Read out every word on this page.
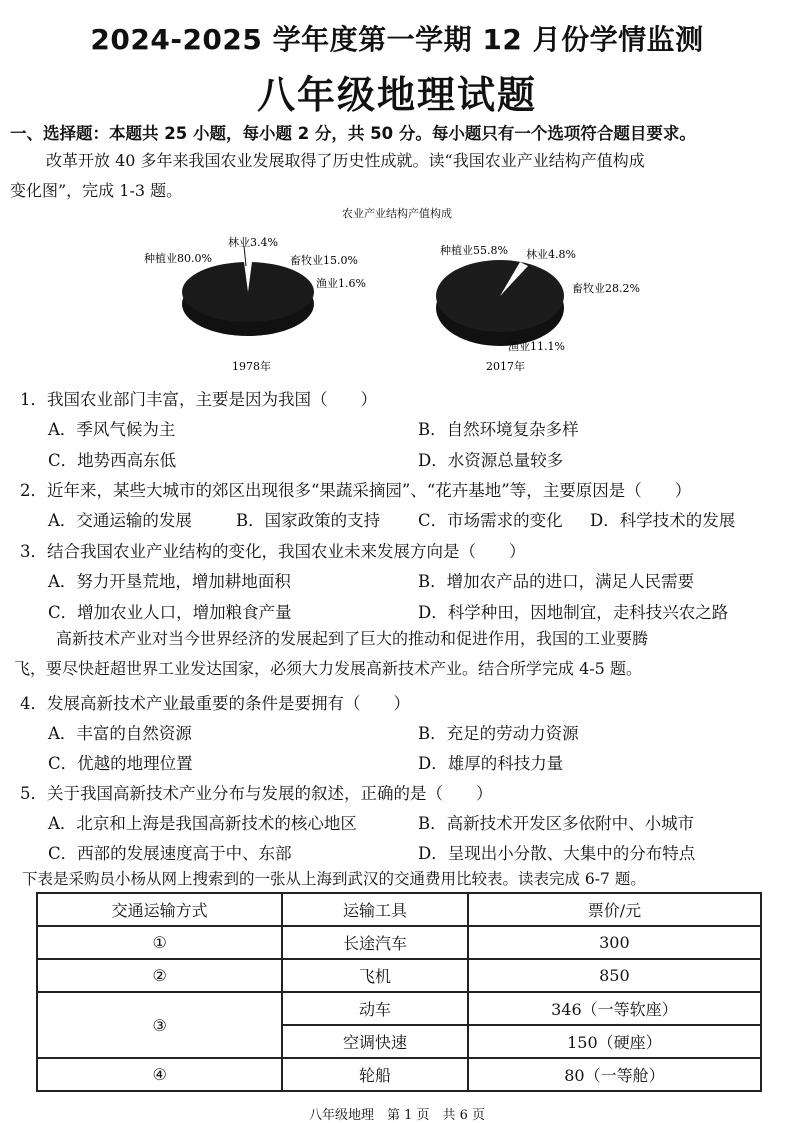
2024-2025 学年度第一学期 12 月份学情监测
八年级地理试题
一、选择题：本题共 25 小题，每小题 2 分，共 50 分。每小题只有一个选项符合题目要求。
改革开放 40 多年来我国农业发展取得了历史性成就。读“我国农业产业结构产值构成
变化图”，完成 1-3 题。
农业产业结构产值构成
种植业80.0%
林业3.4%
畜牧业15.0%
渔业1.6%
1978年
种植业55.8% 林业4.8%
畜牧业28.2%
渔业11.1%
2017年
1．我国农业部门丰富，主要是因为我国（　　）
A．季风气候为主	B．自然环境复杂多样
C．地势西高东低	D．水资源总量较多
2．近年来，某些大城市的郊区出现很多“果蔬采摘园”、“花卉基地”等，主要原因是（　　）
A．交通运输的发展	B．国家政策的支持 C．市场需求的变化 D．科学技术的发展
3．结合我国农业产业结构的变化，我国农业未来发展方向是（　　）
A．努力开垦荒地，增加耕地面积	B．增加农产品的进口，满足人民需要
C．增加农业人口，增加粮食产量	D．科学种田，因地制宜，走科技兴农之路
高新技术产业对当今世界经济的发展起到了巨大的推动和促进作用，我国的工业要腾
飞，要尽快赶超世界工业发达国家，必须大力发展高新技术产业。结合所学完成 4-5 题。
4．发展高新技术产业最重要的条件是要拥有（　　）
A．丰富的自然资源	B．充足的劳动力资源
C．优越的地理位置	D．雄厚的科技力量
5．关于我国高新技术产业分布与发展的叙述，正确的是（　　）
A．北京和上海是我国高新技术的核心地区	B．高新技术开发区多依附中、小城市
C．西部的发展速度高于中、东部	D．呈现出小分散、大集中的分布特点
下表是采购员小杨从网上搜索到的一张从上海到武汉的交通费用比较表。读表完成 6-7 题。
交通运输方式	运输工具	票价/元
①	长途汽车	300
②	飞机	850
③	动车	346（一等软座）
	空调快速	150（硬座）
④	轮船	80（一等舱）
八年级地理　第 1 页　共 6 页
